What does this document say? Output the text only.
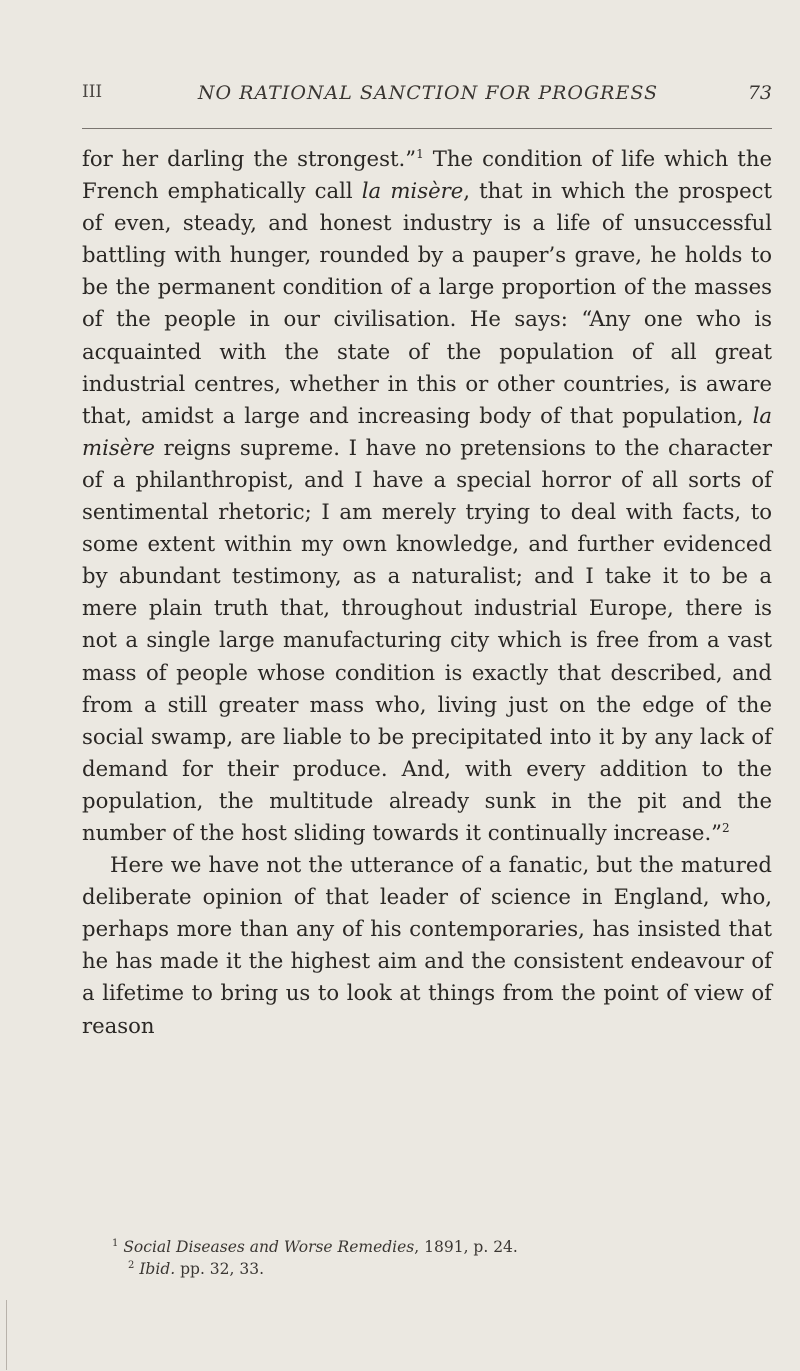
III	NO RATIONAL SANCTION FOR PROGRESS	73

for her darling the strongest.”$^1$ The condition of life which the French emphatically call la misère, that in which the prospect of even, steady, and honest industry is a life of unsuccessful battling with hunger, rounded by a pauper’s grave, he holds to be the permanent condition of a large proportion of the masses of the people in our civilisation. He says: “Any one who is acquainted with the state of the population of all great industrial centres, whether in this or other countries, is aware that, amidst a large and increasing body of that population, la misère reigns supreme. I have no pretensions to the character of a philanthropist, and I have a special horror of all sorts of sentimental rhetoric; I am merely trying to deal with facts, to some extent within my own knowledge, and further evidenced by abundant testimony, as a naturalist; and I take it to be a mere plain truth that, throughout industrial Europe, there is not a single large manufacturing city which is free from a vast mass of people whose condition is exactly that described, and from a still greater mass who, living just on the edge of the social swamp, are liable to be precipitated into it by any lack of demand for their produce. And, with every addition to the population, the multitude already sunk in the pit and the number of the host sliding towards it continually increase.”$^2$

Here we have not the utterance of a fanatic, but the matured deliberate opinion of that leader of science in England, who, perhaps more than any of his contemporaries, has insisted that he has made it the highest aim and the consistent endeavour of a lifetime to bring us to look at things from the point of view of reason

$^1$ Social Diseases and Worse Remedies, 1891, p. 24.

$^2$ Ibid. pp. 32, 33.
